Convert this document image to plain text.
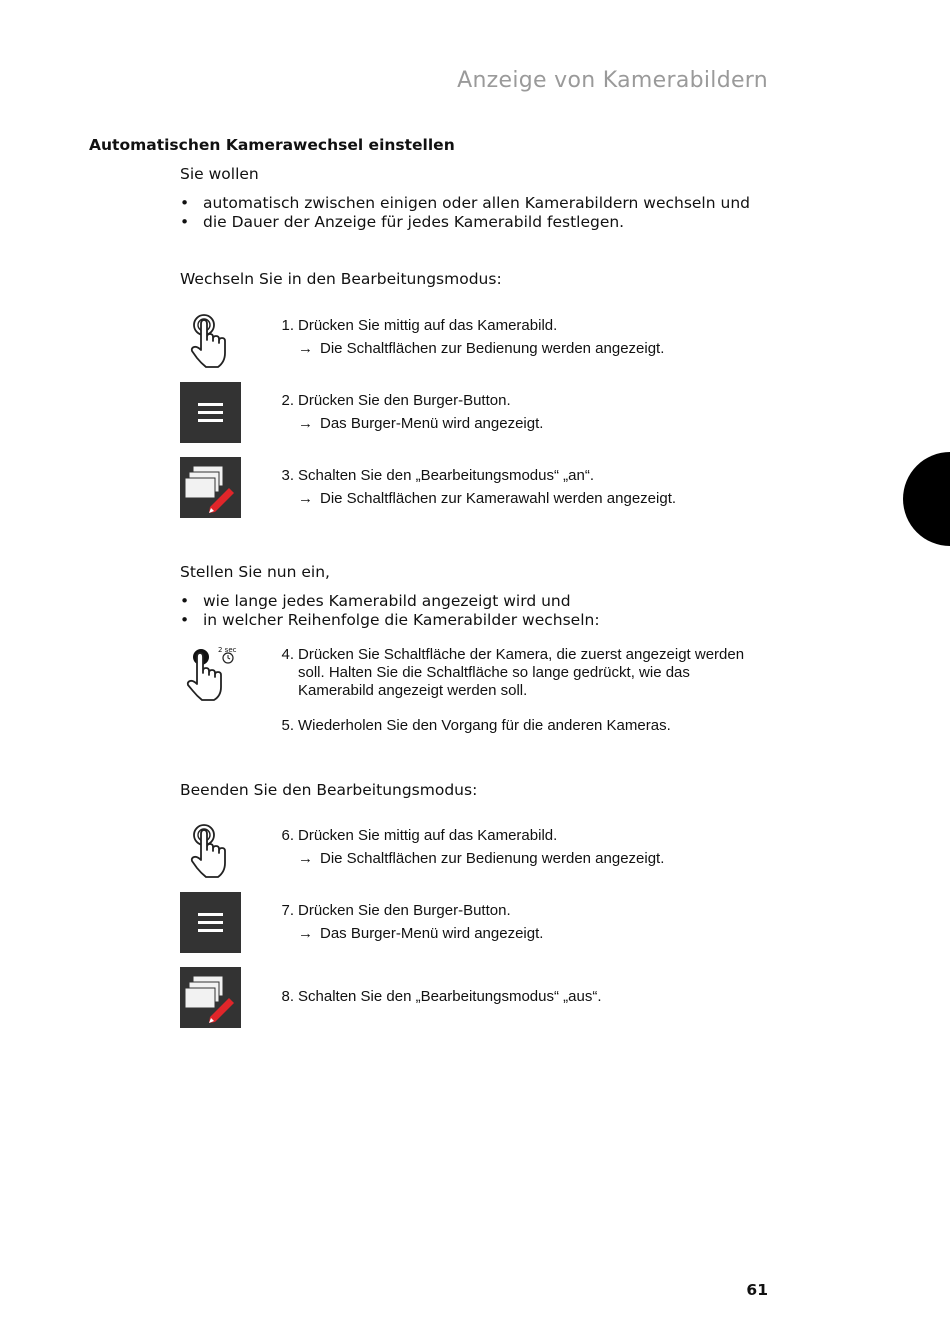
Anzeige von Kamerabildern
Automatischen Kamerawechsel einstellen
Sie wollen
• automatisch zwischen einigen oder allen Kamerabildern wechseln und
• die Dauer der Anzeige für jedes Kamerabild festlegen.
Wechseln Sie in den Bearbeitungsmodus:
1. Drücken Sie mittig auf das Kamerabild.
→ Die Schaltflächen zur Bedienung werden angezeigt.
2. Drücken Sie den Burger-Button.
→ Das Burger-Menü wird angezeigt.
3. Schalten Sie den „Bearbeitungsmodus“ „an“.
→ Die Schaltflächen zur Kamerawahl werden angezeigt.
Stellen Sie nun ein,
• wie lange jedes Kamerabild angezeigt wird und
• in welcher Reihenfolge die Kamerabilder wechseln:
2 sec	4. Drücken Sie Schaltfläche der Kamera, die zuerst angezeigt werden soll. Halten Sie die Schaltfläche so lange gedrückt, wie das Kamerabild angezeigt werden soll.
5. Wiederholen Sie den Vorgang für die anderen Kameras.
Beenden Sie den Bearbeitungsmodus:
6. Drücken Sie mittig auf das Kamerabild.
→ Die Schaltflächen zur Bedienung werden angezeigt.
7. Drücken Sie den Burger-Button.
→ Das Burger-Menü wird angezeigt.
8. Schalten Sie den „Bearbeitungsmodus“ „aus“.
61
